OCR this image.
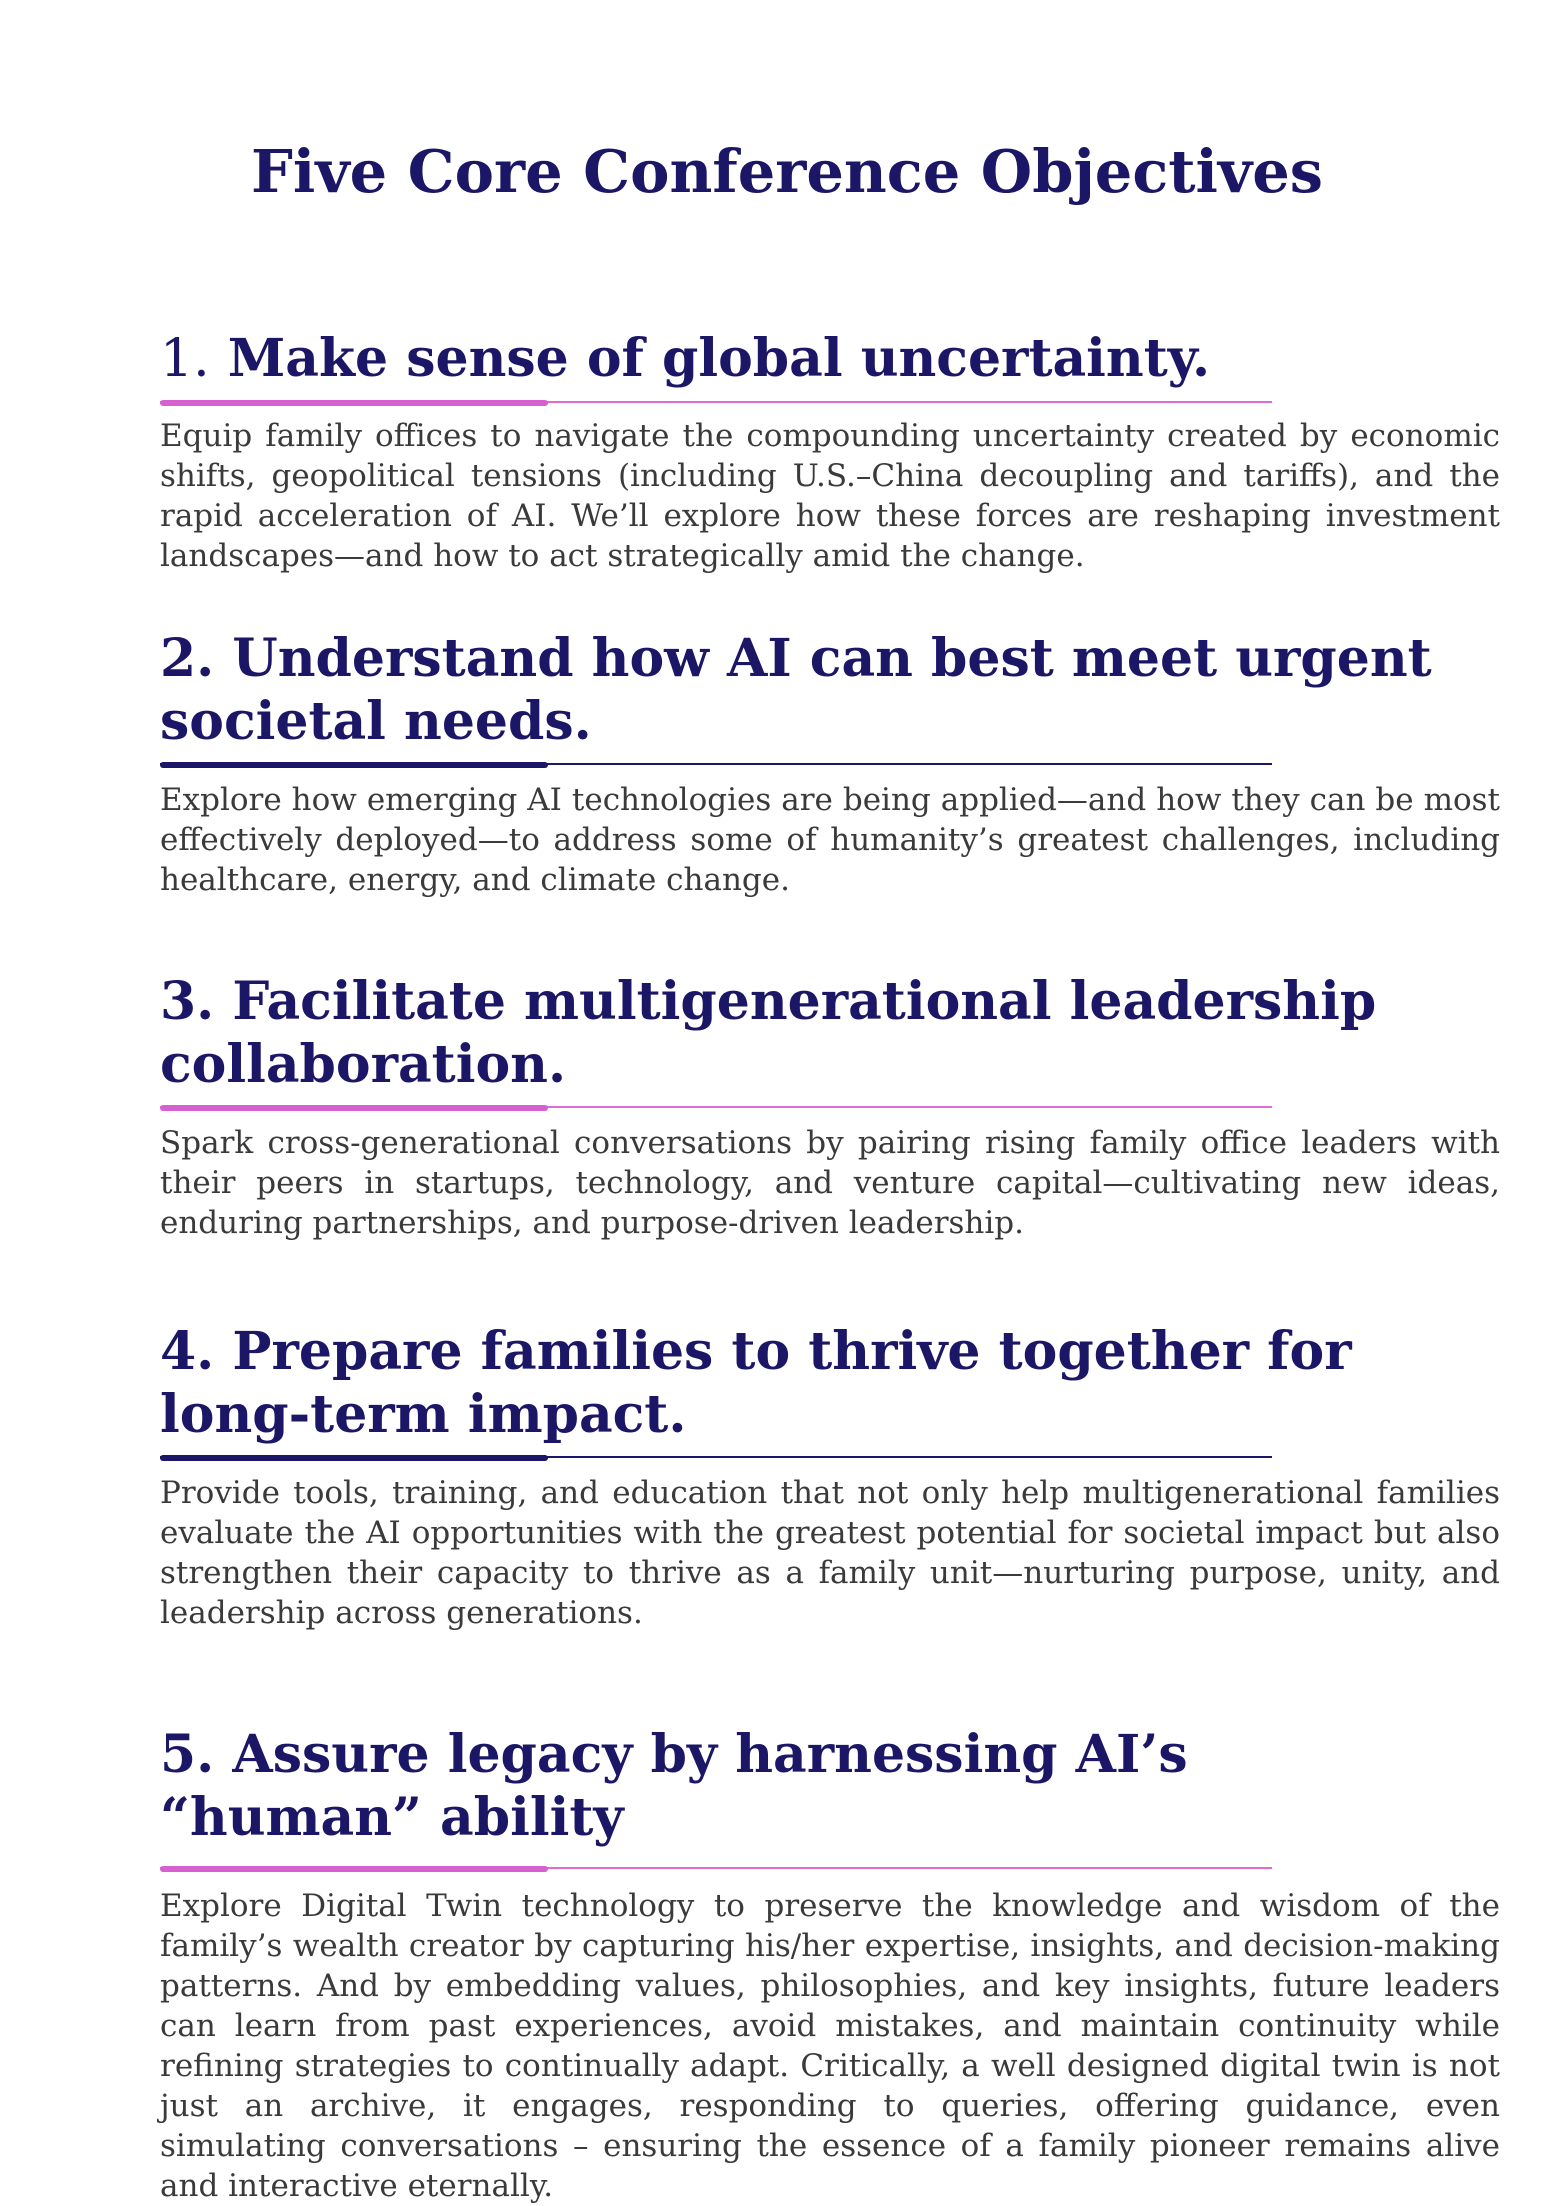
Five Core Conference Objectives
1. Make sense of global uncertainty.

Equip family offices to navigate the compounding uncertainty created by economic shifts, geopolitical tensions (including U.S.–China decoupling and tariffs), and the rapid acceleration of AI. We’ll explore how these forces are reshaping investment landscapes—and how to act strategically amid the change.

2. Understand how AI can best meet urgent
societal needs.

Explore how emerging AI technologies are being applied—and how they can be most effectively deployed—to address some of humanity’s greatest challenges, including healthcare, energy, and climate change.

3. Facilitate multigenerational leadership
collaboration.

Spark cross-generational conversations by pairing rising family office leaders with their peers in startups, technology, and venture capital—cultivating new ideas, enduring partnerships, and purpose-driven leadership.

4. Prepare families to thrive together for
long-term impact.

Provide tools, training, and education that not only help multigenerational families evaluate the AI opportunities with the greatest potential for societal impact but also strengthen their capacity to thrive as a family unit—nurturing purpose, unity, and leadership across generations.

5. Assure legacy by harnessing AI’s
“human” ability

Explore Digital Twin technology to preserve the knowledge and wisdom of the family’s wealth creator by capturing his/her expertise, insights, and decision-making patterns. And by embedding values, philosophies, and key insights, future leaders can learn from past experiences, avoid mistakes, and maintain continuity while refining strategies to continually adapt. Critically, a well designed digital twin is not just an archive, it engages, responding to queries, offering guidance, even simulating conversations – ensuring the essence of a family pioneer remains alive and interactive eternally.
